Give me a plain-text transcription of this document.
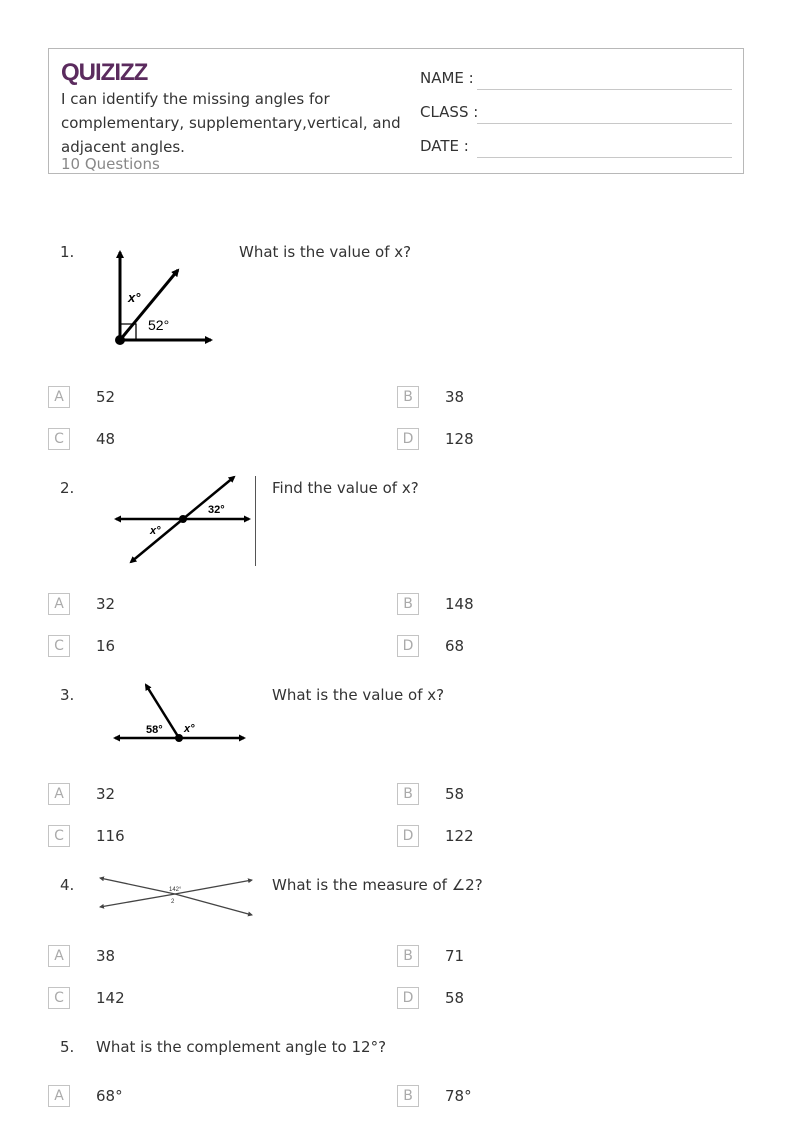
QUIZIZZ
I can identify the missing angles for complementary, supplementary,vertical, and adjacent angles.
10 Questions
NAME :
CLASS :
DATE :
1.
x°
52°
What is the value of x?
A	52	B	38
C	48	D	128
2.
32°
x°
Find the value of x?
A	32	B	148
C	16	D	68
3.
58° x°
What is the value of x?
A	32	B	58
C	116	D	122
4.	142°
2
What is the measure of ∠2?
A	38	B	71
C	142	D	58
5. What is the complement angle to 12°?
A	68°	B	78°
